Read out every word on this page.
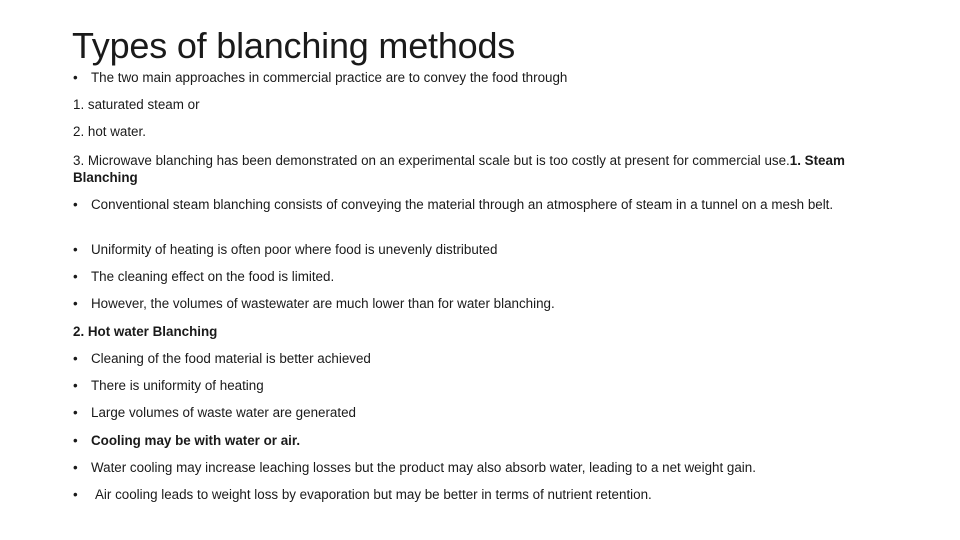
Types of blanching methods
• The two main approaches in commercial practice are to convey the food through
1. saturated steam or
2. hot water.
3. Microwave blanching has been demonstrated on an experimental scale but is too costly at present for commercial use.1. Steam Blanching
• Conventional steam blanching consists of conveying the material through an atmosphere of steam in a tunnel on a mesh belt.
• Uniformity of heating is often poor where food is unevenly distributed
• The cleaning effect on the food is limited.
• However, the volumes of wastewater are much lower than for water blanching.
2. Hot water Blanching
• Cleaning of the food material is better achieved
• There is uniformity of heating
• Large volumes of waste water are generated
• Cooling may be with water or air.
• Water cooling may increase leaching losses but the product may also absorb water, leading to a net weight gain.
•	Air cooling leads to weight loss by evaporation but may be better in terms of nutrient retention.
